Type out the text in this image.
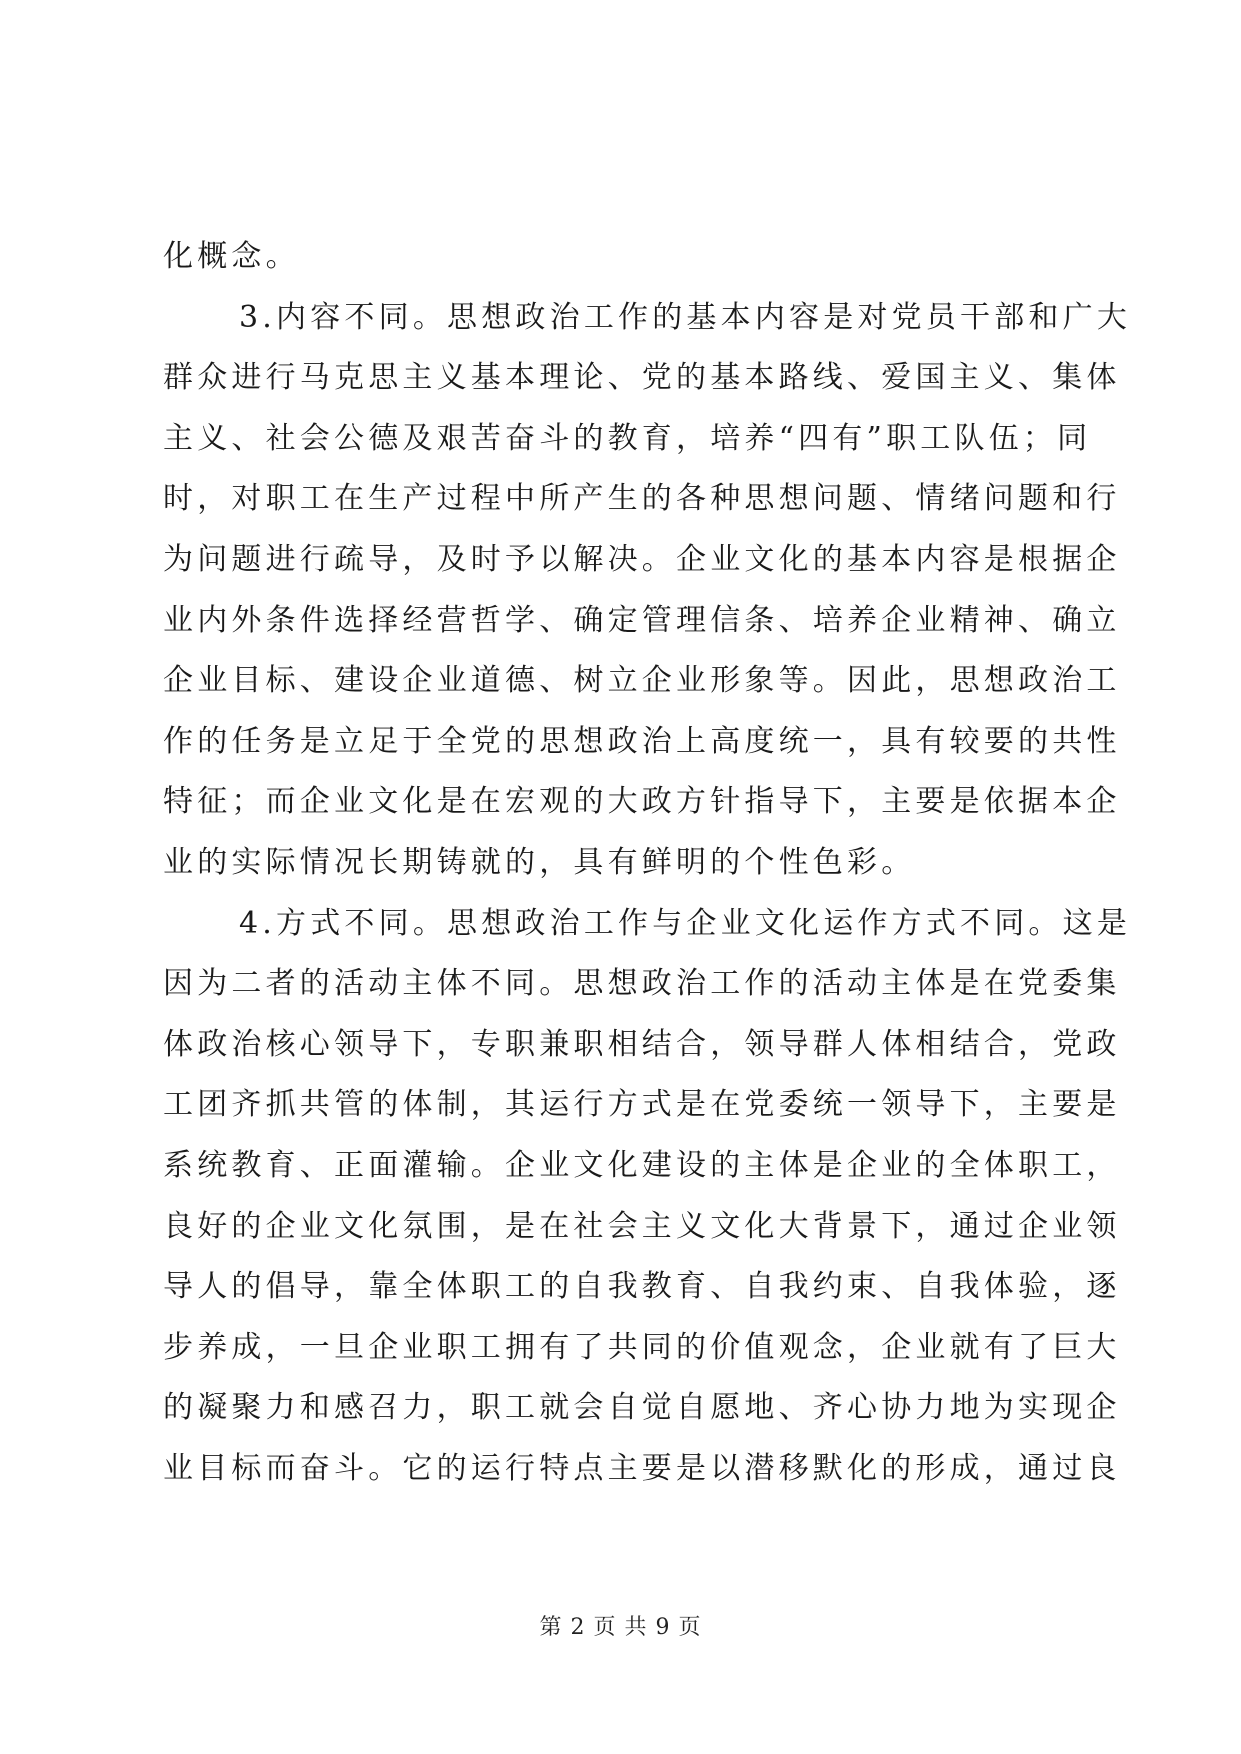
化概念。
3.内容不同。思想政治工作的基本内容是对党员干部和广大
群众进行马克思主义基本理论、党的基本路线、爱国主义、集体
主义、社会公德及艰苦奋斗的教育，培养“四有”职工队伍；同
时，对职工在生产过程中所产生的各种思想问题、情绪问题和行
为问题进行疏导，及时予以解决。企业文化的基本内容是根据企
业内外条件选择经营哲学、确定管理信条、培养企业精神、确立
企业目标、建设企业道德、树立企业形象等。因此，思想政治工
作的任务是立足于全党的思想政治上高度统一，具有较要的共性
特征；而企业文化是在宏观的大政方针指导下，主要是依据本企
业的实际情况长期铸就的，具有鲜明的个性色彩。
4.方式不同。思想政治工作与企业文化运作方式不同。这是
因为二者的活动主体不同。思想政治工作的活动主体是在党委集
体政治核心领导下，专职兼职相结合，领导群人体相结合，党政
工团齐抓共管的体制，其运行方式是在党委统一领导下，主要是
系统教育、正面灌输。企业文化建设的主体是企业的全体职工，
良好的企业文化氛围，是在社会主义文化大背景下，通过企业领
导人的倡导，靠全体职工的自我教育、自我约束、自我体验，逐
步养成，一旦企业职工拥有了共同的价值观念，企业就有了巨大
的凝聚力和感召力，职工就会自觉自愿地、齐心协力地为实现企
业目标而奋斗。它的运行特点主要是以潜移默化的形成，通过良
第 2 页 共 9 页
